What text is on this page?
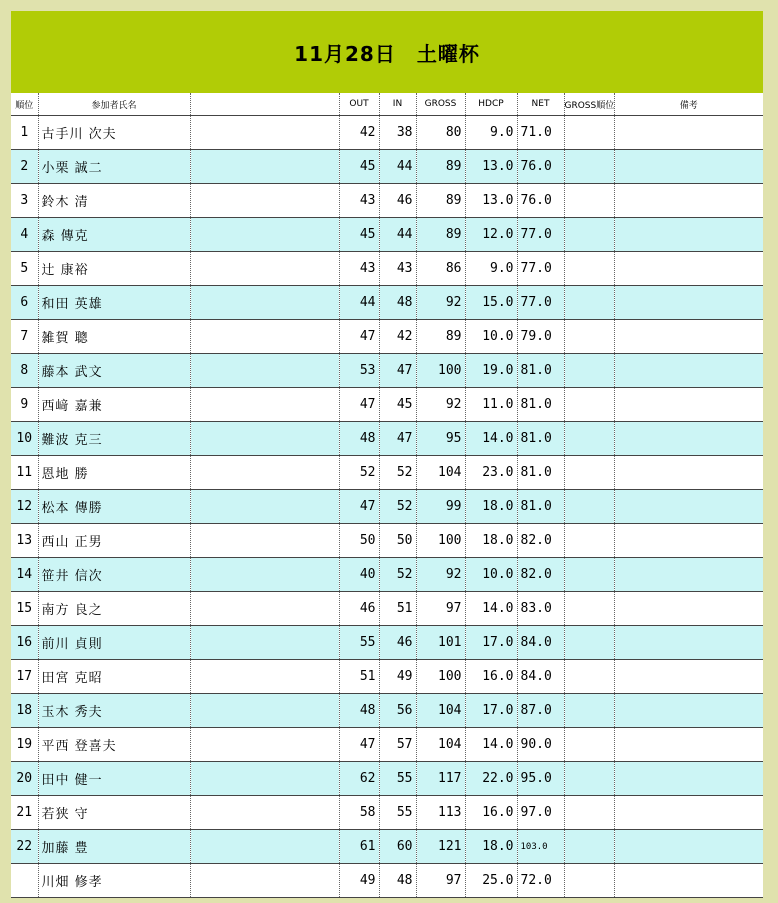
11月28日　土曜杯
順位	参加者氏名		OUT	IN	GROSS	HDCP	NET	GROSS順位	備考
1	古手川 次夫		42	38	80	9.0	71.0		
2	小栗 誠二		45	44	89	13.0	76.0		
3	鈴木 清		43	46	89	13.0	76.0		
4	森 傳克		45	44	89	12.0	77.0		
5	辻 康裕		43	43	86	9.0	77.0		
6	和田 英雄		44	48	92	15.0	77.0		
7	雑賀 聰		47	42	89	10.0	79.0		
8	藤本 武文		53	47	100	19.0	81.0		
9	西﨑 嘉兼		47	45	92	11.0	81.0		
10	難波 克三		48	47	95	14.0	81.0		
11	恩地 勝		52	52	104	23.0	81.0		
12	松本 傳勝		47	52	99	18.0	81.0		
13	西山 正男		50	50	100	18.0	82.0		
14	笹井 信次		40	52	92	10.0	82.0		
15	南方 良之		46	51	97	14.0	83.0		
16	前川 貞則		55	46	101	17.0	84.0		
17	田宮 克昭		51	49	100	16.0	84.0		
18	玉木 秀夫		48	56	104	17.0	87.0		
19	平西 登喜夫		47	57	104	14.0	90.0		
20	田中 健一		62	55	117	22.0	95.0		
21	若狭 守		58	55	113	16.0	97.0		
22	加藤 豊		61	60	121	18.0	103.0		
	川畑 修孝		49	48	97	25.0	72.0		
